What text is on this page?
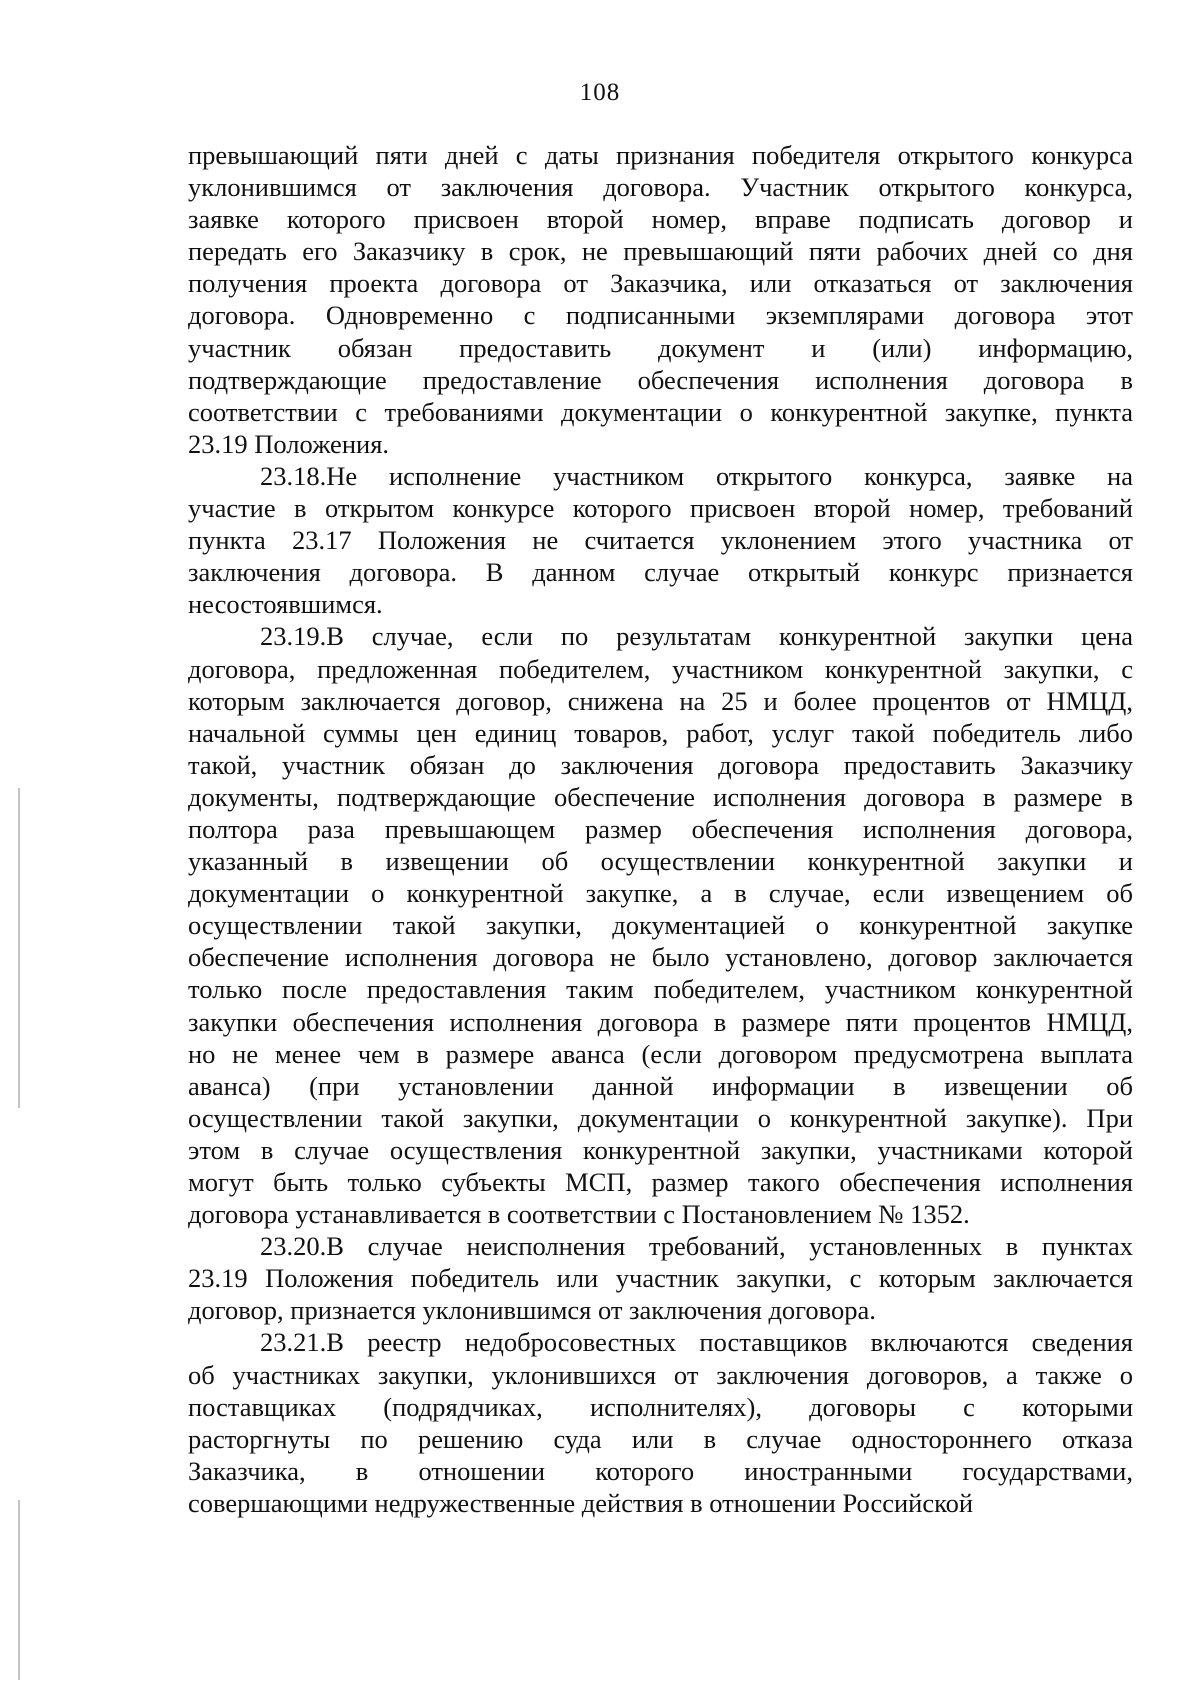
108
превышающий пяти дней с даты признания победителя открытого конкурса
уклонившимся от заключения договора. Участник открытого конкурса,
заявке которого присвоен второй номер, вправе подписать договор и
передать его Заказчику в срок, не превышающий пяти рабочих дней со дня
получения проекта договора от Заказчика, или отказаться от заключения
договора. Одновременно с подписанными экземплярами договора этот
участник обязан предоставить документ и (или) информацию,
подтверждающие предоставление обеспечения исполнения договора в
соответствии с требованиями документации о конкурентной закупке, пункта
23.19 Положения.
23.18.Не исполнение участником открытого конкурса, заявке на
участие в открытом конкурсе которого присвоен второй номер, требований
пункта 23.17 Положения не считается уклонением этого участника от
заключения договора. В данном случае открытый конкурс признается
несостоявшимся.
23.19.В случае, если по результатам конкурентной закупки цена
договора, предложенная победителем, участником конкурентной закупки, с
которым заключается договор, снижена на 25 и более процентов от НМЦД,
начальной суммы цен единиц товаров, работ, услуг такой победитель либо
такой, участник обязан до заключения договора предоставить Заказчику
документы, подтверждающие обеспечение исполнения договора в размере в
полтора раза превышающем размер обеспечения исполнения договора,
указанный в извещении об осуществлении конкурентной закупки и
документации о конкурентной закупке, а в случае, если извещением об
осуществлении такой закупки, документацией о конкурентной закупке
обеспечение исполнения договора не было установлено, договор заключается
только после предоставления таким победителем, участником конкурентной
закупки обеспечения исполнения договора в размере пяти процентов НМЦД,
но не менее чем в размере аванса (если договором предусмотрена выплата
аванса) (при установлении данной информации в извещении об
осуществлении такой закупки, документации о конкурентной закупке). При
этом в случае осуществления конкурентной закупки, участниками которой
могут быть только субъекты МСП, размер такого обеспечения исполнения
договора устанавливается в соответствии с Постановлением № 1352.
23.20.В случае неисполнения требований, установленных в пунктах
23.19 Положения победитель или участник закупки, с которым заключается
договор, признается уклонившимся от заключения договора.
23.21.В реестр недобросовестных поставщиков включаются сведения
об участниках закупки, уклонившихся от заключения договоров, а также о
поставщиках (подрядчиках, исполнителях), договоры с которыми
расторгнуты по решению суда или в случае одностороннего отказа
Заказчика, в отношении которого иностранными государствами,
совершающими недружественные действия в отношении Российской
